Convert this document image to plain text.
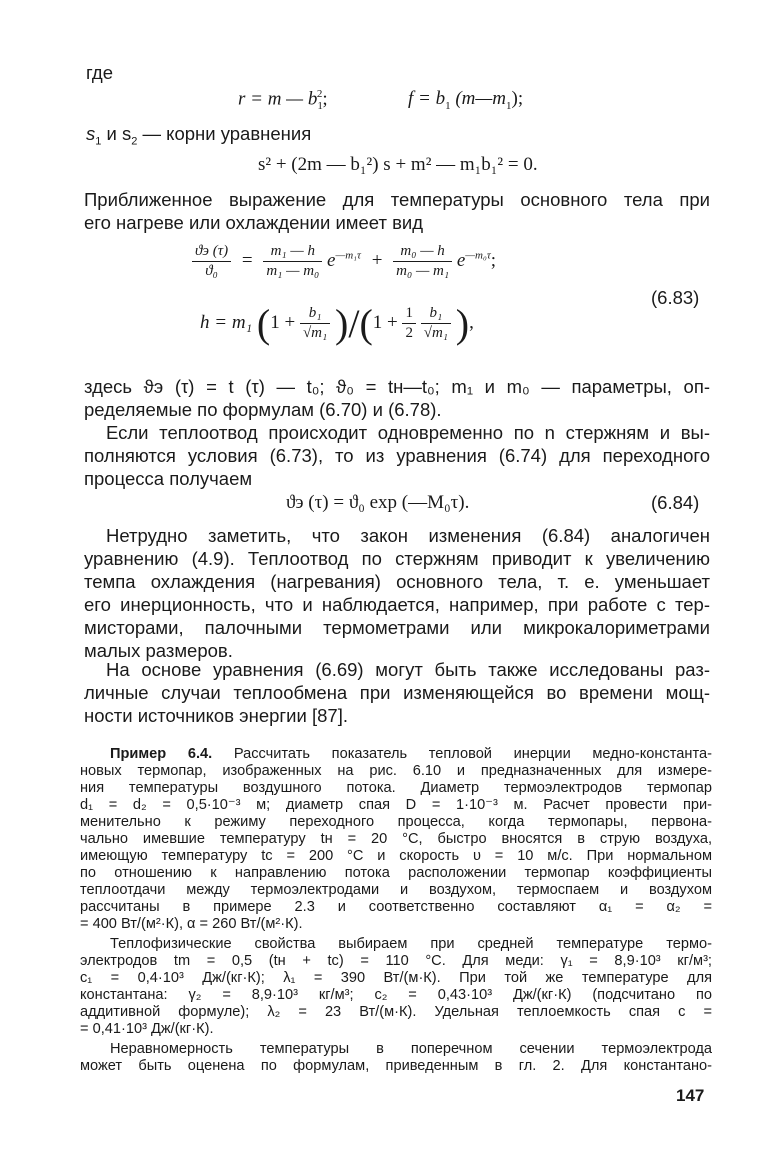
где
r = m — $b_1^2$;	$f = b_1$ $(m—m_1)$;
$s_1$ и $s_2$ — корни уравнения
s² + (2m — b₁²) s + m² — m₁b₁² = 0.
Приближенное выражение для температуры основного тела при
его нагреве или охлаждении имеет вид
$\frac{ϑэ (\tau)}{\text{ϑ₀}} = \frac{\text{m₁ — h}}{\text{m₁ — m₀}} e^{—m_1\tau} + \frac{\text{m₀ — h}}{\text{m₀ — m₁}} e^{—m_0\tau}$;
(6.83)
h = m₁ $(1 + \frac{\text{b₁}}{\text{√m₁}} )/(1 + \frac{1}{2}$
$\frac{\text{b₁}}{\text{√m₁}}$ ),
здесь ϑэ (τ) = t (τ) — t₀; ϑ₀ = tн—t₀; m₁ и m₀ — параметры, оп-
ределяемые по формулам (6.70) и (6.78).
Если теплоотвод происходит одновременно по n стержням и вы-
полняются условия (6.73), то из уравнения (6.74) для переходного
процесса получаем
ϑэ (τ) = ϑ₀ exp (—M₀τ).	(6.84)
Нетрудно заметить, что закон изменения (6.84) аналогичен
уравнению (4.9). Теплоотвод по стержням приводит к увеличению
темпа охлаждения (нагревания) основного тела, т. е. уменьшает
его инерционность, что и наблюдается, например, при работе с тер-
мисторами, палочными термометрами или микрокалориметрами
малых размеров.
На основе уравнения (6.69) могут быть также исследованы раз-
личные случаи теплообмена при изменяющейся во времени мощ-
ности источников энергии [87].
Пример 6.4. Рассчитать показатель тепловой инерции медно-константа-
новых термопар, изображенных на рис. 6.10 и предназначенных для измере-
ния температуры воздушного потока. Диаметр термоэлектродов термопар
d₁ = d₂ = 0,5·10⁻³ м; диаметр спая D = 1·10⁻³ м. Расчет провести при-
менительно к режиму переходного процесса, когда термопары, первона-
чально имевшие температуру tн = 20 °С, быстро вносятся в струю воздуха,
имеющую температуру tс = 200 °С и скорость υ = 10 м/с. При нормальном
по отношению к направлению потока расположении термопар коэффициенты
теплоотдачи между термоэлектродами и воздухом, термоспаем и воздухом
рассчитаны в примере 2.3 и соответственно составляют α₁ = α₂ =
= 400 Вт/(м²·К), α = 260 Вт/(м²·К).
Теплофизические свойства выбираем при средней температуре термо-
электродов tm = 0,5 (tн + tс) = 110 °С. Для меди: γ₁ = 8,9·10³ кг/м³;
c₁ = 0,4·10³ Дж/(кг·К); λ₁ = 390 Вт/(м·К). При той же температуре для
константана: γ₂ = 8,9·10³ кг/м³; c₂ = 0,43·10³ Дж/(кг·К) (подсчитано по
аддитивной формуле); λ₂ = 23 Вт/(м·К). Удельная теплоемкость спая c =
= 0,41·10³ Дж/(кг·К).
Неравномерность температуры в поперечном сечении термоэлектрода
может быть оценена по формулам, приведенным в гл. 2. Для константано-
147
